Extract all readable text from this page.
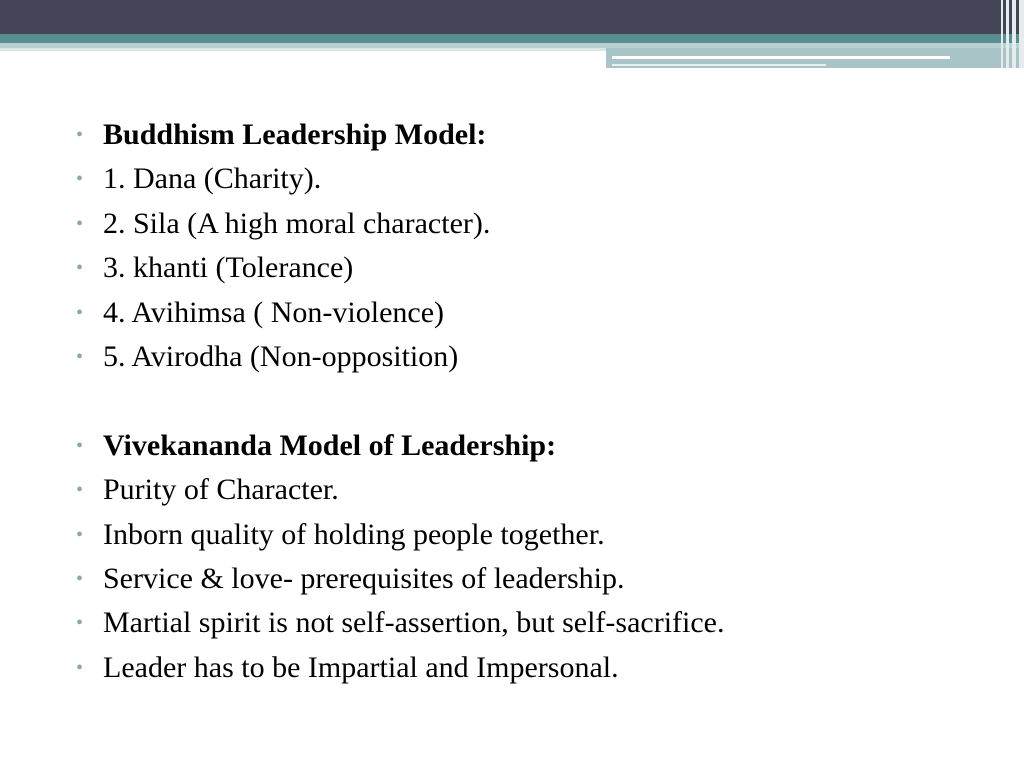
• Buddhism Leadership Model:
• 1. Dana (Charity).
• 2. Sila (A high moral character).
• 3. khanti (Tolerance)
• 4. Avihimsa ( Non-violence)
• 5. Avirodha (Non-opposition)
• Vivekananda Model of Leadership:
• Purity of Character.
• Inborn quality of holding people together.
• Service & love- prerequisites of leadership.
• Martial spirit is not self-assertion, but self-sacrifice.
• Leader has to be Impartial and Impersonal.
